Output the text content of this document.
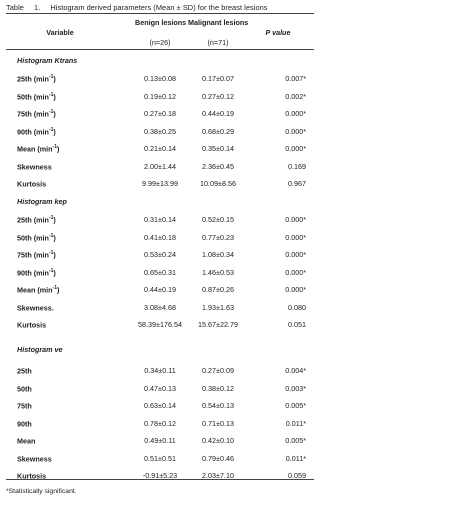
Table 1. Histogram derived parameters (Mean ± SD) for the breast lesions
Benign lesions Malignant lesions
Variable	P value
(n=26)	(n=71)
Histogram Ktrans
25th $(\min^{-1})$	0.13±0.08	0.17±0.07	0.007*
50th $(\min^{-1})$	0.19±0.12	0.27±0.12	0.002*
75th $(\min^{-1})$	0.27±0.18	0.44±0.19	0.000*
90th $(\min^{-1})$	0.38±0.25	0.68±0.29	0.000*
Mean $(\min^{-1})$	0.21±0.14	0.35±0.14	0.000*
Skewness	2.00±1.44	2.36±0.45	0.169
Kurtosis	9.99±13.99	10.09±8.56	0.967
Histogram kep
25th $(\min^{-1})$	0.31±0.14	0.52±0.15	0.000*
50th $(\min^{-1})$	0.41±0.18	0.77±0.23	0.000*
75th $(\min^{-1})$	0.53±0.24	1.08±0.34	0.000*
90th $(\min^{-1})$	0.65±0.31	1.46±0.53	0.000*
Mean $(\min^{-1})$	0.44±0.19	0.87±0.26	0.000*
Skewness.	3.08±4.68	1.93±1.63	0.080
Kurtosis	58.39±176.54	15.67±22.79	0.051
Histogram ve
25th	0.34±0.11	0.27±0.09	0.004*
50th	0.47±0.13	0.38±0.12	0.003*
75th	0.63±0.14	0.54±0.13	0.005*
90th	0.78±0.12	0.71±0.13	0.011*
Mean	0.49±0.11	0.42±0.10	0.005*
Skewness	0.51±0.51	0.79±0.46	0.011*
Kurtosis	-0.91±5.23	2.03±7.10	0.059
*Statistically significant.
